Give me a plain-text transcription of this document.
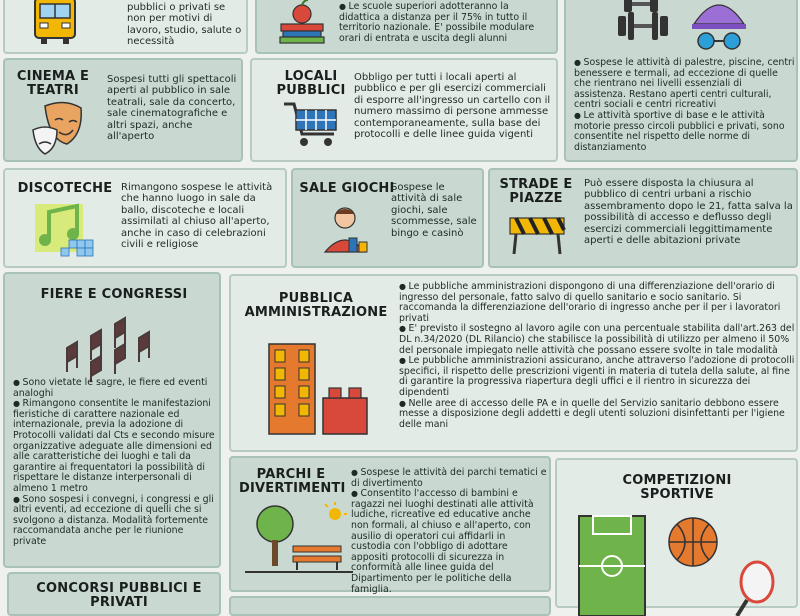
pubblici o privati se non per motivi di lavoro, studio, salute o necessità

● Le scuole superiori adotteranno la didattica a distanza per il 75% in tutto il territorio nazionale. E' possibile modulare orari di entrata e uscita degli alunni

● Sospese le attività di palestre, piscine, centri benessere e termali, ad eccezione di quelle che rientrano nei livelli essenziali di assistenza. Restano aperti centri culturali, centri sociali e centri ricreativi

● Le attività sportive di base e le attività motorie presso circoli pubblici e privati, sono consentite nel rispetto delle norme di distanziamento

CINEMA E TEATRI
Sospesi tutti gli spettacoli aperti al pubblico in sale teatrali, sale da concerto, sale cinematografiche e altri spazi, anche all'aperto
LOCALI PUBBLICI
Obbligo per tutti i locali aperti al pubblico e per gli esercizi commerciali di esporre all'ingresso un cartello con il numero massimo di persone ammesse contemporaneamente, sulla base dei protocolli e delle linee guida vigenti
DISCOTECHE Rimangono sospese le attività che hanno luogo in sale da ballo, discoteche e locali assimilati al chiuso all'aperto, anche in caso di celebrazioni civili e religiose
SALE GIOCHI
Sospese le attività di sale giochi, sale scommesse, sale bingo e casinò
STRADE E PIAZZE
Può essere disposta la chiusura al pubblico di centri urbani a rischio assembramento dopo le 21, fatta salva la possibilità di accesso e deflusso degli esercizi commerciali leggittimamente aperti e delle abitazioni private
FIERE E CONGRESSI

● Sono vietate le sagre, le fiere ed eventi analoghi

● Rimangono consentite le manifestazioni fieristiche di carattere nazionale ed internazionale, previa la adozione di Protocolli validati dal Cts e secondo misure organizzative adeguate alle dimensioni ed alle caratteristiche dei luoghi e tali da garantire ai frequentatori la possibilità di rispettare le distanze interpersonali di almeno 1 metro

● Sono sospesi i convegni, i congressi e gli altri eventi, ad eccezione di quelli che si svolgono a distanza. Modalità fortemente raccomandata anche per le riunione private

PUBBLICA AMMINISTRAZIONE

● Le pubbliche amministrazioni dispongono di una differenziazione dell'orario di ingresso del personale, fatto salvo di quello sanitario e socio sanitario. Si raccomanda la differenziazione dell'orario di ingresso anche per il per i lavoratori privati

● E' previsto il sostegno al lavoro agile con una percentuale stabilita dall'art.263 del DL n.34/2020 (DL Rilancio) che stabilisce la possibilità di utilizzo per almeno il 50% del personale impiegato nelle attività che possano essere svolte in tale modalità

● Le pubbliche amministrazioni assicurano, anche attraverso l'adozione di protocolli specifici, il rispetto delle prescrizioni vigenti in materia di tutela della salute, al fine di garantire la progressiva riapertura degli uffici e il rientro in sicurezza dei dipendenti

● Nelle aree di accesso delle PA e in quelle del Servizio sanitario debbono essere messe a disposizione degli addetti e degli utenti soluzioni disinfettanti per l'igiene delle mani

PARCHI E DIVERTIMENTI

● Sospese le attività dei parchi tematici e di divertimento

● Consentito l'accesso di bambini e ragazzi nei luoghi destinati alle attività ludiche, ricreative ed educative anche non formali, al chiuso e all'aperto, con ausilio di operatori cui affidarli in custodia con l'obbligo di adottare appositi protocolli di sicurezza in conformità alle linee guida del Dipartimento per le politiche della famiglia.

COMPETIZIONI SPORTIVE
CONCORSI PUBBLICI E PRIVATI
